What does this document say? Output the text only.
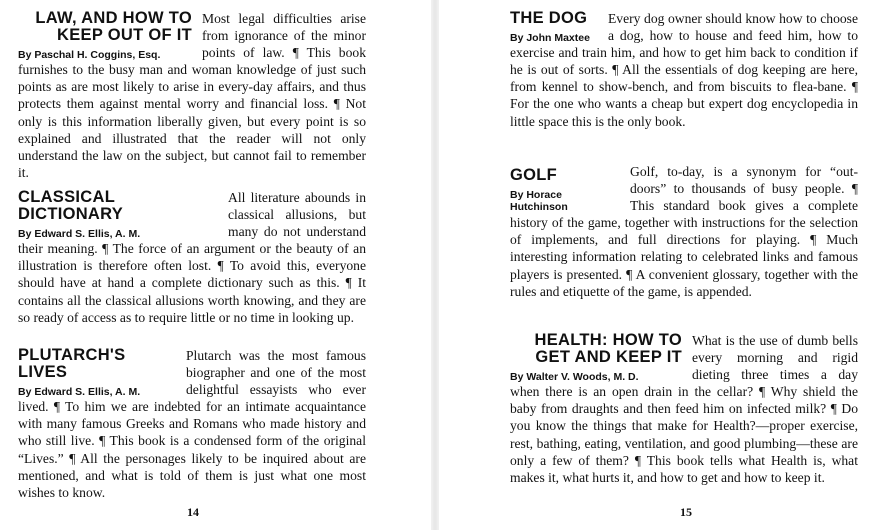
LAW, AND HOW TO
KEEP OUT OF IT
By Paschal H. Coggins, Esq.

Most legal difficulties arise from ignorance of the minor points of law. ¶ This book furnishes to the busy man and woman knowledge of just such points as are most likely to arise in every-day affairs, and thus protects them against mental worry and financial loss. ¶ Not only is this information liberally given, but every point is so explained and illustrated that the reader will not only understand the law on the subject, but cannot fail to remember it.

CLASSICAL DICTIONARY
By Edward S. Ellis, A. M.

All literature abounds in classical allusions, but many do not understand their meaning. ¶ The force of an argument or the beauty of an illustration is therefore often lost. ¶ To avoid this, everyone should have at hand a complete dictionary such as this. ¶ It contains all the classical allusions worth knowing, and they are so ready of access as to require little or no time in looking up.

PLUTARCH'S LIVES
By Edward S. Ellis, A. M.

Plutarch was the most famous biographer and one of the most delightful essayists who ever lived. ¶ To him we are indebted for an intimate acquaintance with many famous Greeks and Romans who made history and who still live. ¶ This book is a condensed form of the original “Lives.” ¶ All the personages likely to be inquired about are mentioned, and what is told of them is just what one most wishes to know.

14
THE DOG
By John Maxtee

Every dog owner should know how to choose a dog, how to house and feed him, how to exercise and train him, and how to get him back to condition if he is out of sorts. ¶ All the essentials of dog keeping are here, from kennel to show-bench, and from biscuits to flea-bane. ¶ For the one who wants a cheap but expert dog encyclopedia in little space this is the only book.

GOLF
By Horace Hutchinson

Golf, to-day, is a synonym for “out-doors” to thousands of busy people. ¶ This standard book gives a complete history of the game, together with instructions for the selection of implements, and full directions for playing. ¶ Much interesting information relating to celebrated links and famous players is presented. ¶ A convenient glossary, together with the rules and etiquette of the game, is appended.

HEALTH: HOW TO
GET AND KEEP IT
By Walter V. Woods, M. D.

What is the use of dumb bells every morning and rigid dieting three times a day when there is an open drain in the cellar? ¶ Why shield the baby from draughts and then feed him on infected milk? ¶ Do you know the things that make for Health?—proper exercise, rest, bathing, eating, ventilation, and good plumbing—these are only a few of them? ¶ This book tells what Health is, what makes it, what hurts it, and how to get and how to keep it.

15
